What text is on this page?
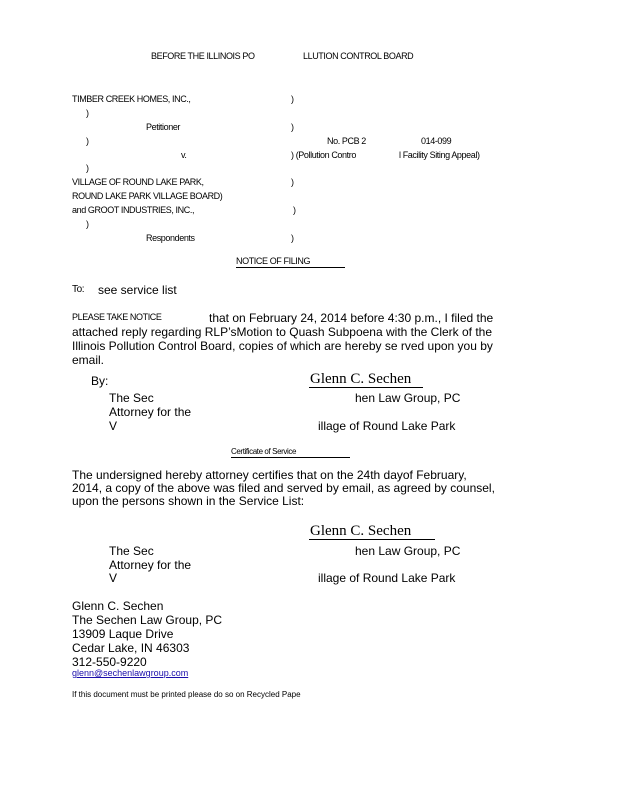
BEFORE THE ILLINOIS PO	LLUTION CONTROL BOARD
TIMBER CREEK HOMES, INC.,	)
)
Petitioner	)
)	No. PCB 2	014-099
v.	) (Pollution Contro	l Facility Siting Appeal)
)
VILLAGE OF ROUND LAKE PARK,	)
ROUND LAKE PARK VILLAGE BOARD)
and GROOT INDUSTRIES, INC.,	)
)
Respondents	)
NOTICE OF FILING
To: see service list
PLEASE TAKE NOTICE	that on February 24, 2014 before 4:30 p.m., I filed the
attached reply regarding RLP’sMotion to Quash Subpoena with the Clerk of the
Illinois Pollution Control Board, copies of which are hereby se rved upon you by
email.
By:	Glenn C. Sechen
The Sec	hen Law Group, PC
Attorney for the
V	illage of Round Lake Park
Certificate of Service
The undersigned hereby attorney certifies that on the 24th dayof February,
2014, a copy of the above was filed and served by email, as agreed by counsel,
upon the persons shown in the Service List:
Glenn C. Sechen
The Sec	hen Law Group, PC
Attorney for the
V	illage of Round Lake Park
Glenn C. Sechen
The Sechen Law Group, PC
13909 Laque Drive
Cedar Lake, IN 46303
312-550-9220
glenn@sechenlawgroup.com
If this document must be printed please do so on Recycled Pape
